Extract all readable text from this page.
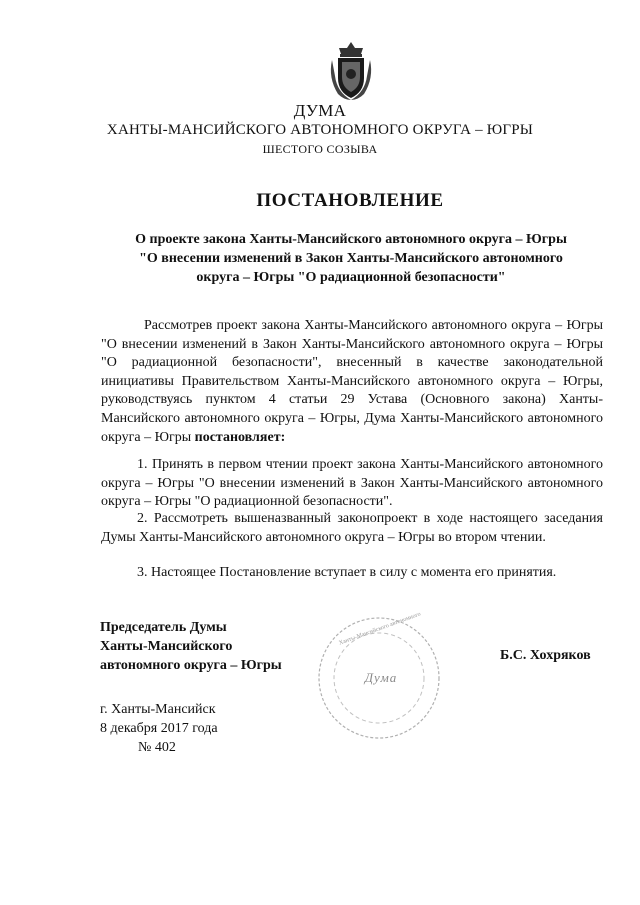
ДУМА
ХАНТЫ-МАНСИЙСКОГО АВТОНОМНОГО ОКРУГА – ЮГРЫ
ШЕСТОГО СОЗЫВА
ПОСТАНОВЛЕНИЕ
О проекте закона Ханты-Мансийского автономного округа – Югры
"О внесении изменений в Закон Ханты-Мансийского автономного
округа – Югры "О радиационной безопасности"
Рассмотрев проект закона Ханты-Мансийского автономного округа – Югры "О внесении изменений в Закон Ханты-Мансийского автономного округа – Югры "О радиационной безопасности", внесенный в качестве законодательной инициативы Правительством Ханты-Мансийского автономного округа – Югры, руководствуясь пунктом 4 статьи 29 Устава (Основного закона) Ханты-Мансийского автономного округа – Югры, Дума Ханты-Мансийского автономного округа – Югры постановляет:
1. Принять в первом чтении проект закона Ханты-Мансийского автономного округа – Югры "О внесении изменений в Закон Ханты-Мансийского автономного округа – Югры "О радиационной безопасности".
2. Рассмотреть вышеназванный законопроект в ходе настоящего заседания Думы Ханты-Мансийского автономного округа – Югры во втором чтении.
3. Настоящее Постановление вступает в силу с момента его принятия.
Председатель Думы
Ханты-Мансийского
автономного округа – Югры
Ханты-Мансийского автономного
Дума
Б.С. Хохряков
г. Ханты-Мансийск
8 декабря 2017 года
№ 402
